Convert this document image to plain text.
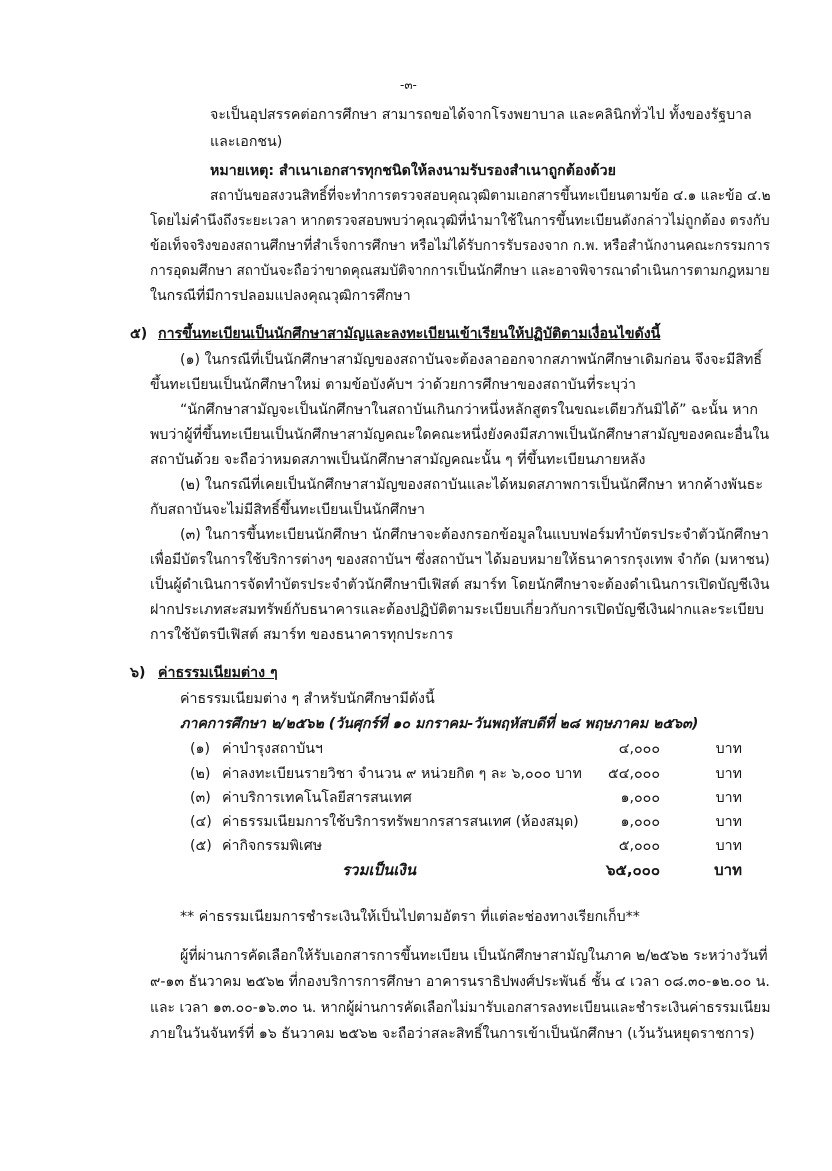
-๓-
จะเป็นอุปสรรคต่อการศึกษา สามารถขอได้จากโรงพยาบาล และคลินิกทั่วไป ทั้งของรัฐบาล
และเอกชน)
หมายเหตุ: สำเนาเอกสารทุกชนิดให้ลงนามรับรองสำเนาถูกต้องด้วย
สถาบันขอสงวนสิทธิ์ที่จะทำการตรวจสอบคุณวุฒิตามเอกสารขึ้นทะเบียนตามข้อ ๔.๑ และข้อ ๔.๒
โดยไม่คำนึงถึงระยะเวลา หากตรวจสอบพบว่าคุณวุฒิที่นำมาใช้ในการขึ้นทะเบียนดังกล่าวไม่ถูกต้อง ตรงกับ
ข้อเท็จจริงของสถานศึกษาที่สำเร็จการศึกษา หรือไม่ได้รับการรับรองจาก ก.พ. หรือสำนักงานคณะกรรมการ
การอุดมศึกษา สถาบันจะถือว่าขาดคุณสมบัติจากการเป็นนักศึกษา และอาจพิจารณาดำเนินการตามกฎหมาย
ในกรณีที่มีการปลอมแปลงคุณวุฒิการศึกษา
๕) การขึ้นทะเบียนเป็นนักศึกษาสามัญและลงทะเบียนเข้าเรียนให้ปฏิบัติตามเงื่อนไขดังนี้
(๑) ในกรณีที่เป็นนักศึกษาสามัญของสถาบันจะต้องลาออกจากสภาพนักศึกษาเดิมก่อน จึงจะมีสิทธิ์
ขึ้นทะเบียนเป็นนักศึกษาใหม่ ตามข้อบังคับฯ ว่าด้วยการศึกษาของสถาบันที่ระบุว่า
“นักศึกษาสามัญจะเป็นนักศึกษาในสถาบันเกินกว่าหนึ่งหลักสูตรในขณะเดียวกันมิได้” ฉะนั้น หาก
พบว่าผู้ที่ขึ้นทะเบียนเป็นนักศึกษาสามัญคณะใดคณะหนึ่งยังคงมีสภาพเป็นนักศึกษาสามัญของคณะอื่นใน
สถาบันด้วย จะถือว่าหมดสภาพเป็นนักศึกษาสามัญคณะนั้น ๆ ที่ขึ้นทะเบียนภายหลัง
(๒) ในกรณีที่เคยเป็นนักศึกษาสามัญของสถาบันและได้หมดสภาพการเป็นนักศึกษา หากค้างพันธะ
กับสถาบันจะไม่มีสิทธิ์ขึ้นทะเบียนเป็นนักศึกษา
(๓) ในการขึ้นทะเบียนนักศึกษา นักศึกษาจะต้องกรอกข้อมูลในแบบฟอร์มทำบัตรประจำตัวนักศึกษา
เพื่อมีบัตรในการใช้บริการต่างๆ ของสถาบันฯ ซึ่งสถาบันฯ ได้มอบหมายให้ธนาคารกรุงเทพ จำกัด (มหาชน)
เป็นผู้ดำเนินการจัดทำบัตรประจำตัวนักศึกษาบีเฟิสต์ สมาร์ท โดยนักศึกษาจะต้องดำเนินการเปิดบัญชีเงิน
ฝากประเภทสะสมทรัพย์กับธนาคารและต้องปฏิบัติตามระเบียบเกี่ยวกับการเปิดบัญชีเงินฝากและระเบียบ
การใช้บัตรบีเฟิสต์ สมาร์ท ของธนาคารทุกประการ
๖) ค่าธรรมเนียมต่าง ๆ
ค่าธรรมเนียมต่าง ๆ สำหรับนักศึกษามีดังนี้
ภาคการศึกษา ๒/๒๕๖๒ (วันศุกร์ที่ ๑๐ มกราคม-วันพฤหัสบดีที่ ๒๘ พฤษภาคม ๒๕๖๓)
(๑) ค่าบำรุงสถาบันฯ	๔,๐๐๐	บาท
(๒) ค่าลงทะเบียนรายวิชา จำนวน ๙ หน่วยกิต ๆ ละ ๖,๐๐๐ บาท ๕๔,๐๐๐	บาท
(๓) ค่าบริการเทคโนโลยีสารสนเทศ	๑,๐๐๐	บาท
(๔) ค่าธรรมเนียมการใช้บริการทรัพยากรสารสนเทศ (ห้องสมุด)	๑,๐๐๐	บาท
(๕) ค่ากิจกรรมพิเศษ	๕,๐๐๐	บาท
รวมเป็นเงิน	๖๕,๐๐๐	บาท
** ค่าธรรมเนียมการชำระเงินให้เป็นไปตามอัตรา ที่แต่ละช่องทางเรียกเก็บ**
ผู้ที่ผ่านการคัดเลือกให้รับเอกสารการขึ้นทะเบียน เป็นนักศึกษาสามัญในภาค ๒/๒๕๖๒ ระหว่างวันที่
๙-๑๓ ธันวาคม ๒๕๖๒ ที่กองบริการการศึกษา อาคารนราธิปพงศ์ประพันธ์ ชั้น ๔ เวลา ๐๘.๓๐-๑๒.๐๐ น.
และ เวลา ๑๓.๐๐-๑๖.๓๐ น. หากผู้ผ่านการคัดเลือกไม่มารับเอกสารลงทะเบียนและชำระเงินค่าธรรมเนียม
ภายในวันจันทร์ที่ ๑๖ ธันวาคม ๒๕๖๒ จะถือว่าสละสิทธิ์ในการเข้าเป็นนักศึกษา (เว้นวันหยุดราชการ)
